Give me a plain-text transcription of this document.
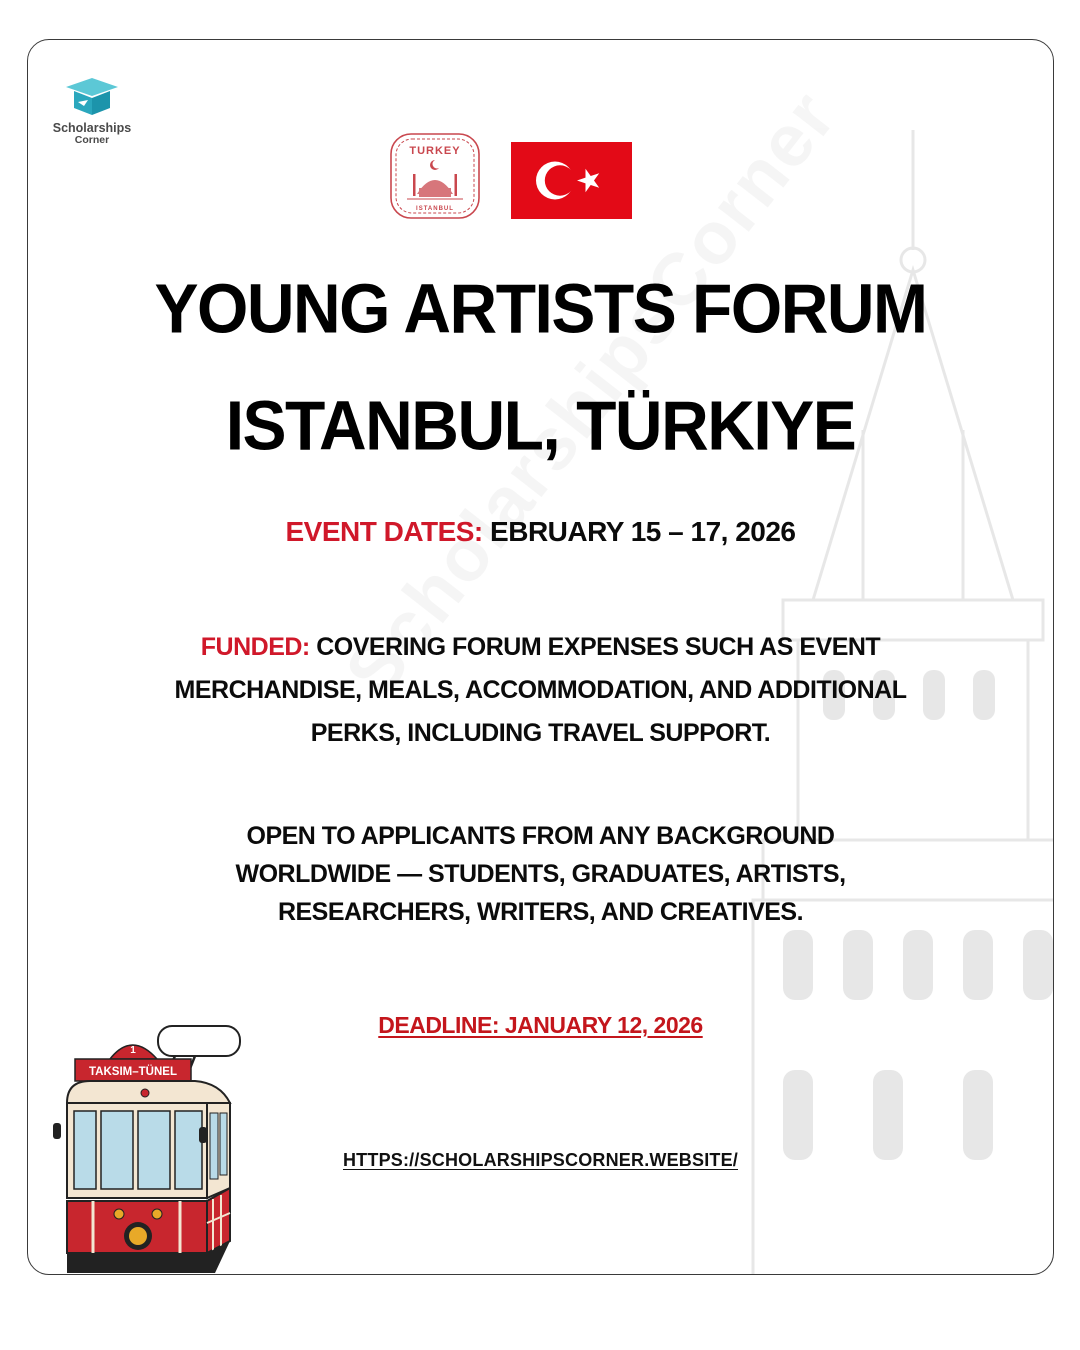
Scholarships
Corner
TURKEY
ISTANBUL
YOUNG ARTISTS FORUM
ISTANBUL, TÜRKIYE
EVENT DATES: EBRUARY 15 – 17, 2026
FUNDED: COVERING FORUM EXPENSES SUCH AS EVENT
MERCHANDISE, MEALS, ACCOMMODATION, AND ADDITIONAL
PERKS, INCLUDING TRAVEL SUPPORT.
OPEN TO APPLICANTS FROM ANY BACKGROUND
WORLDWIDE — STUDENTS, GRADUATES, ARTISTS,
RESEARCHERS, WRITERS, AND CREATIVES.
DEADLINE: JANUARY 12, 2026
HTTPS://SCHOLARSHIPSCORNER.WEBSITE/
1
TAKSIM–TÜNEL
